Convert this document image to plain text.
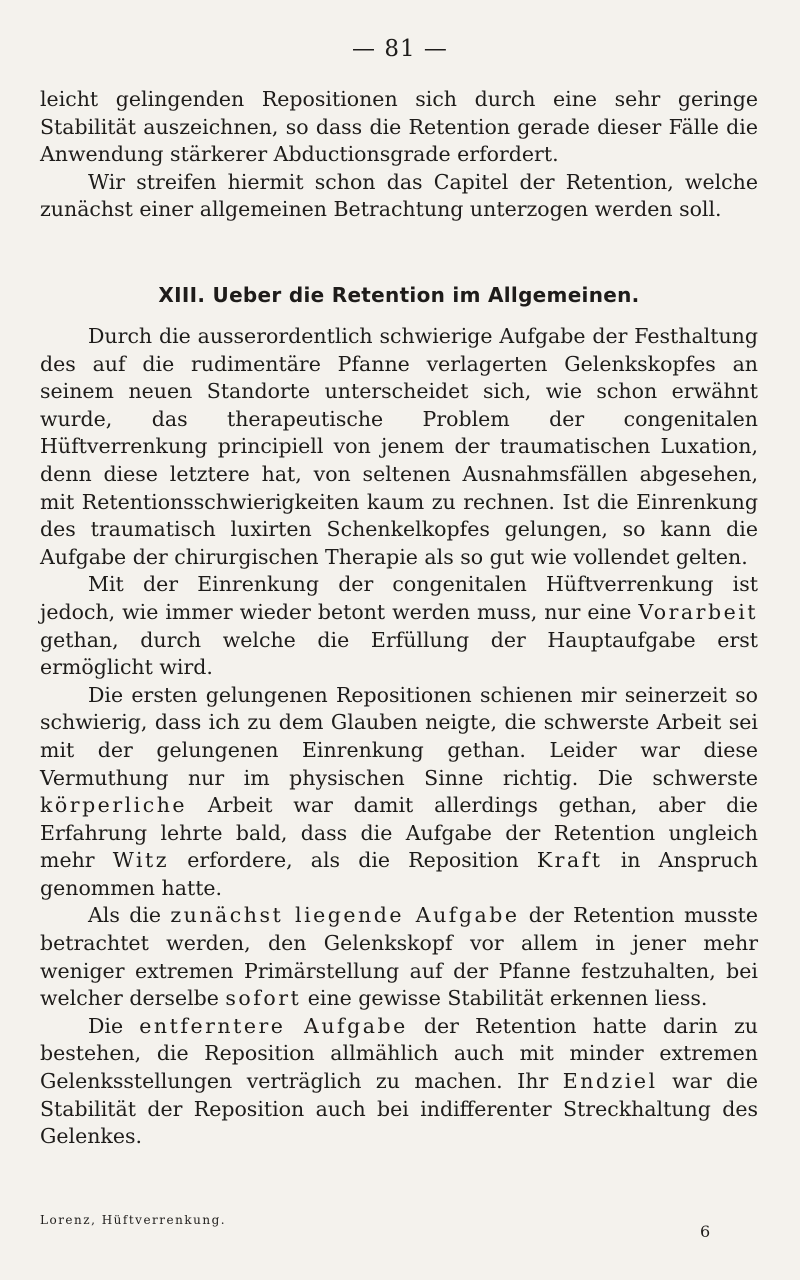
— 81 —

leicht gelingenden Repositionen sich durch eine sehr geringe Stabilität auszeichnen, so dass die Retention gerade dieser Fälle die Anwendung stärkerer Abductionsgrade erfordert.

Wir streifen hiermit schon das Capitel der Retention, welche zunächst einer allgemeinen Betrachtung unterzogen werden soll.

XIII. Ueber die Retention im Allgemeinen.

Durch die ausserordentlich schwierige Aufgabe der Festhaltung des auf die rudimentäre Pfanne verlagerten Gelenkskopfes an seinem neuen Standorte unterscheidet sich, wie schon erwähnt wurde, das therapeutische Problem der congenitalen Hüftverrenkung principiell von jenem der traumatischen Luxation, denn diese letztere hat, von seltenen Ausnahmsfällen abgesehen, mit Retentionsschwierigkeiten kaum zu rechnen. Ist die Einrenkung des traumatisch luxirten Schenkelkopfes gelungen, so kann die Aufgabe der chirurgischen Therapie als so gut wie vollendet gelten.

Mit der Einrenkung der congenitalen Hüftverrenkung ist jedoch, wie immer wieder betont werden muss, nur eine Vorarbeit gethan, durch welche die Erfüllung der Hauptaufgabe erst ermöglicht wird.

Die ersten gelungenen Repositionen schienen mir seinerzeit so schwierig, dass ich zu dem Glauben neigte, die schwerste Arbeit sei mit der gelungenen Einrenkung gethan. Leider war diese Vermuthung nur im physischen Sinne richtig. Die schwerste körperliche Arbeit war damit allerdings gethan, aber die Erfahrung lehrte bald, dass die Aufgabe der Retention ungleich mehr Witz erfordere, als die Reposition Kraft in Anspruch genommen hatte.

Als die zunächst liegende Aufgabe der Retention musste betrachtet werden, den Gelenkskopf vor allem in jener mehr weniger extremen Primärstellung auf der Pfanne festzuhalten, bei welcher derselbe sofort eine gewisse Stabilität erkennen liess.

Die entferntere Aufgabe der Retention hatte darin zu bestehen, die Reposition allmählich auch mit minder extremen Gelenksstellungen verträglich zu machen. Ihr Endziel war die Stabilität der Reposition auch bei indifferenter Streckhaltung des Gelenkes.

Lorenz, Hüftverrenkung.
6
